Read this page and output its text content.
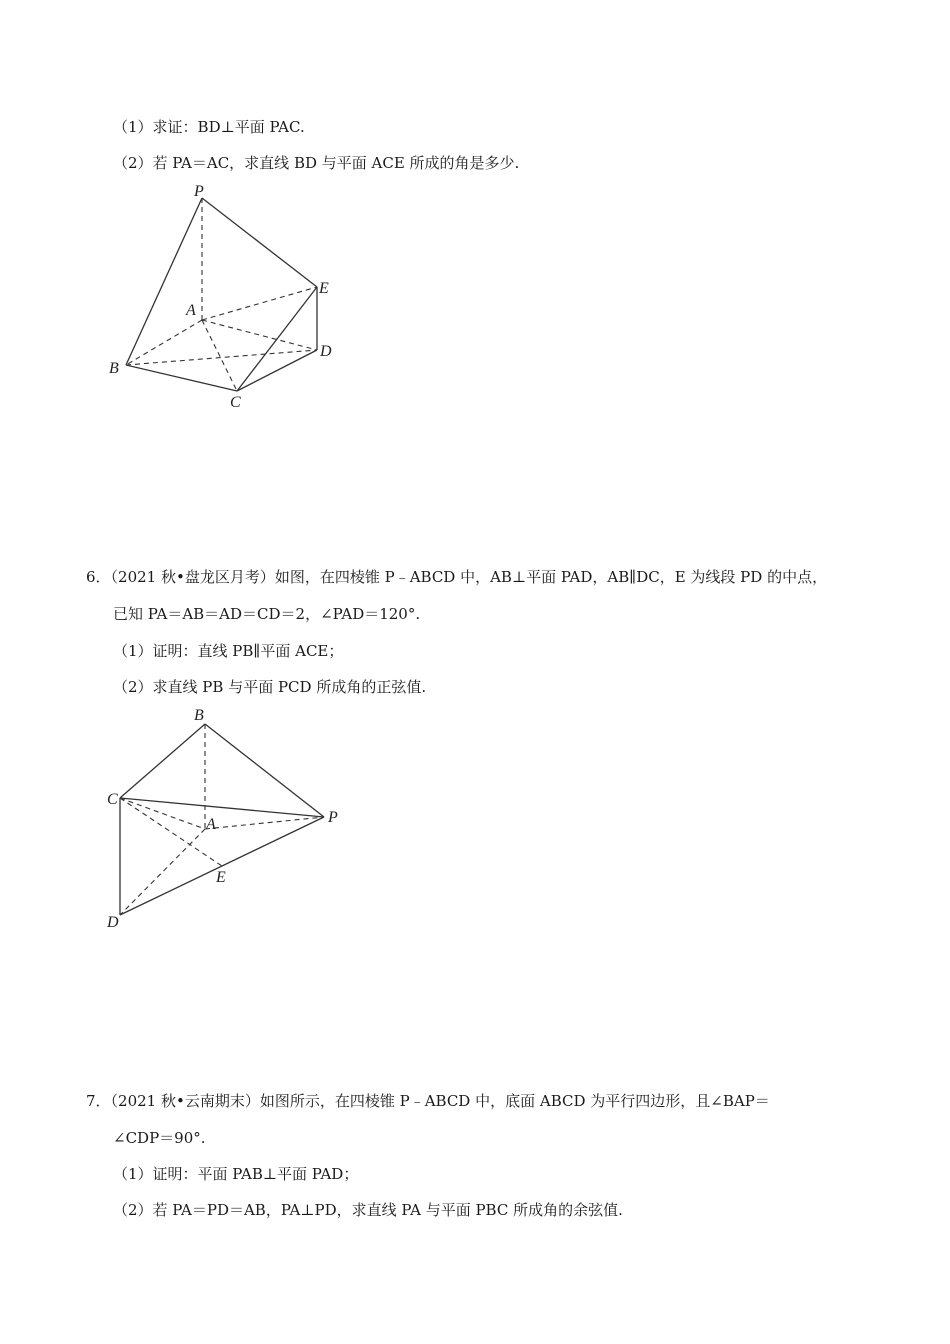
（1）求证：BD⊥平面 PAC.
（2）若 PA＝AC，求直线 BD 与平面 ACE 所成的角是多少.
P
A
B
C
D
E
6．（2021 秋•盘龙区月考）如图，在四棱锥 P﹣ABCD 中，AB⊥平面 PAD，AB∥DC，E 为线段 PD 的中点，
已知 PA＝AB＝AD＝CD＝2，∠PAD＝120°.
（1）证明：直线 PB∥平面 ACE；
（2）求直线 PB 与平面 PCD 所成角的正弦值.
B
C
A	P
E
D
7．（2021 秋•云南期末）如图所示，在四棱锥 P﹣ABCD 中，底面 ABCD 为平行四边形，且∠BAP＝
∠CDP＝90°.
（1）证明：平面 PAB⊥平面 PAD；
（2）若 PA＝PD＝AB，PA⊥PD，求直线 PA 与平面 PBC 所成角的余弦值.
